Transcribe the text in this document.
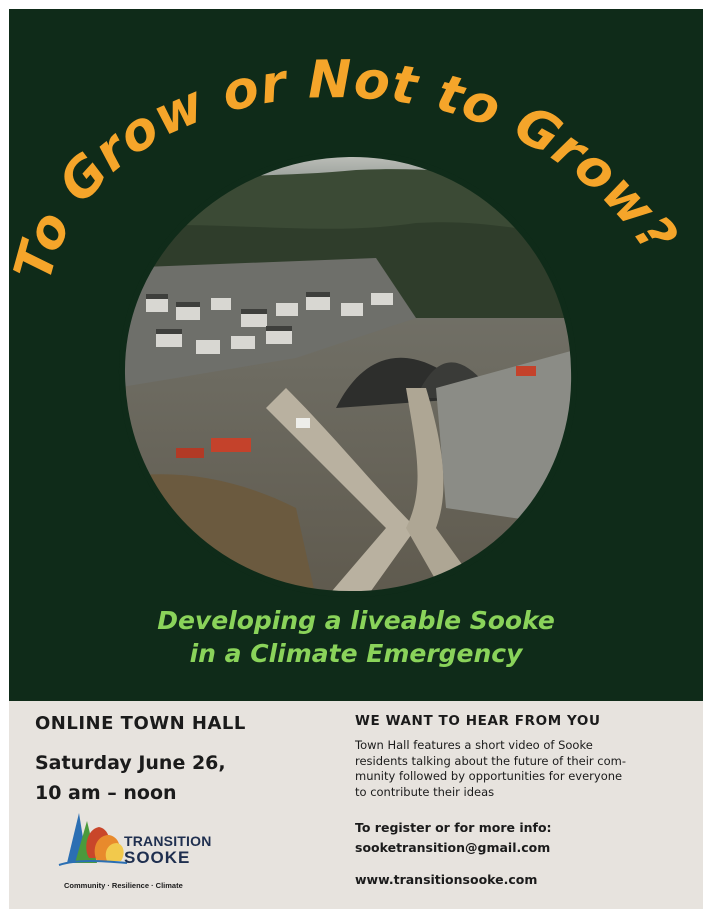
To Grow or Not to Grow?
Developing a liveable Sooke
in a Climate Emergency
ONLINE TOWN HALL
Saturday June 26,
10 am – noon
TRANSITION
SOOKE
Community · Resilience · Climate
WE WANT TO HEAR FROM YOU
Town Hall features a short video of Sooke
residents talking about the future of their com-
munity followed by opportunities for everyone
to contribute their ideas
To register or for more info:
sooketransition@gmail.com
www.transitionsooke.com
